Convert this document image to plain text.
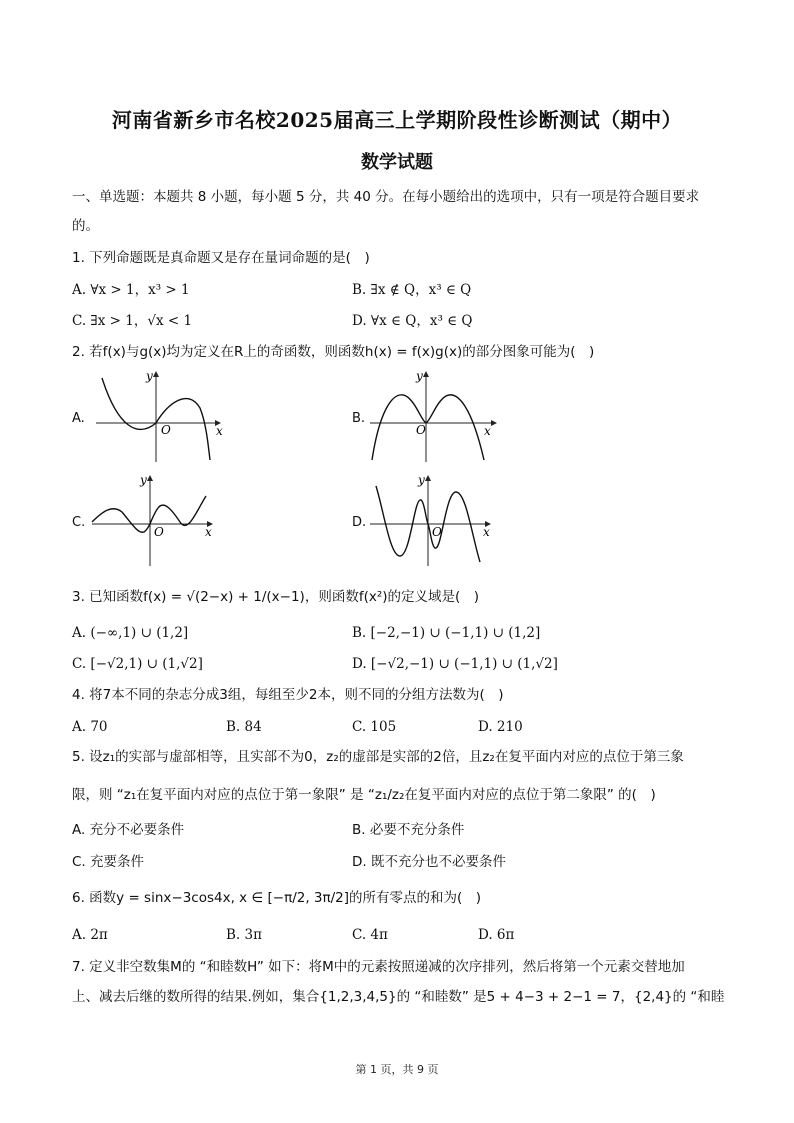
河南省新乡市名校2025届高三上学期阶段性诊断测试（期中）
数学试题
一、单选题：本题共 8 小题，每小题 5 分，共 40 分。在每小题给出的选项中，只有一项是符合题目要求
的。
1. 下列命题既是真命题又是存在量词命题的是(　)
A. ∀x > 1，x³ > 1	B. ∃x ∉ Q，x³ ∈ Q
C. ∃x > 1，√x < 1	D. ∀x ∈ Q，x³ ∈ Q
2. 若f(x)与g(x)均为定义在R上的奇函数，则函数h(x) = f(x)g(x)的部分图象可能为(　)
A.
x
y
O
B.
x
y
O
C.
x
y
O
D.
x
y
O
3. 已知函数f(x) = √(2−x) + 1/(x−1)，则函数f(x²)的定义域是(　)
A. (−∞,1) ∪ (1,2]	B. [−2,−1) ∪ (−1,1) ∪ (1,2]
C. [−√2,1) ∪ (1,√2]	D. [−√2,−1) ∪ (−1,1) ∪ (1,√2]
4. 将7本不同的杂志分成3组，每组至少2本，则不同的分组方法数为(　)
A. 70	B. 84	C. 105	D. 210
5. 设z₁的实部与虚部相等，且实部不为0，z₂的虚部是实部的2倍，且z₂在复平面内对应的点位于第三象
限，则 “z₁在复平面内对应的点位于第一象限” 是 “z₁/z₂在复平面内对应的点位于第二象限” 的(　)
A. 充分不必要条件	B. 必要不充分条件
C. 充要条件	D. 既不充分也不必要条件
6. 函数y = sinx−3cos4x, x ∈ [−π/2, 3π/2]的所有零点的和为(　)
A. 2π	B. 3π	C. 4π	D. 6π
7. 定义非空数集M的 “和睦数H” 如下：将M中的元素按照递减的次序排列，然后将第一个元素交替地加
上、减去后继的数所得的结果.例如，集合{1,2,3,4,5}的 “和睦数” 是5 + 4−3 + 2−1 = 7，{2,4}的 “和睦
第 1 页，共 9 页
